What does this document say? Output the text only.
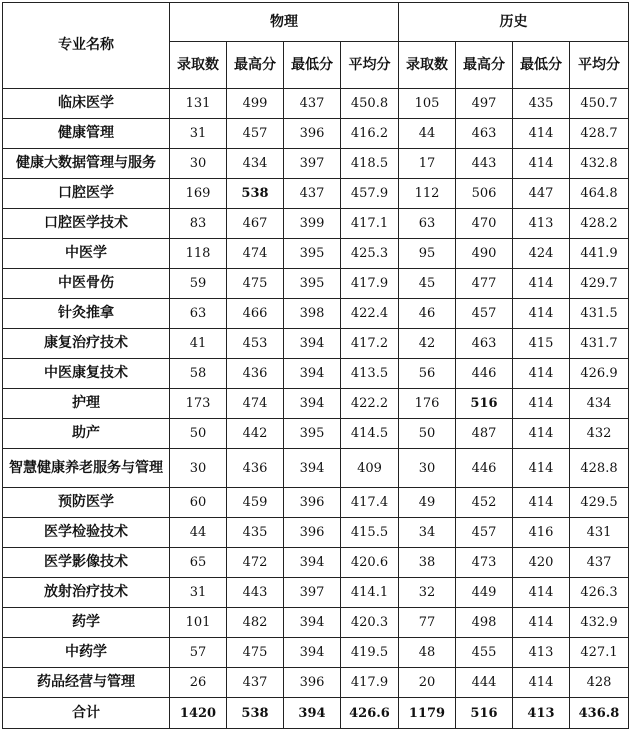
专业名称	物理				历史			
	录取数	最高分	最低分	平均分	录取数	最高分	最低分	平均分
临床医学	131	499	437	450.8	105	497	435	450.7
健康管理	31	457	396	416.2	44	463	414	428.7
健康大数据管理与服务	30	434	397	418.5	17	443	414	432.8
口腔医学	169	538	437	457.9	112	506	447	464.8
口腔医学技术	83	467	399	417.1	63	470	413	428.2
中医学	118	474	395	425.3	95	490	424	441.9
中医骨伤	59	475	395	417.9	45	477	414	429.7
针灸推拿	63	466	398	422.4	46	457	414	431.5
康复治疗技术	41	453	394	417.2	42	463	415	431.7
中医康复技术	58	436	394	413.5	56	446	414	426.9
护理	173	474	394	422.2	176	516	414	434
助产	50	442	395	414.5	50	487	414	432
智慧健康养老服务与管理	30	436	394	409	30	446	414	428.8
预防医学	60	459	396	417.4	49	452	414	429.5
医学检验技术	44	435	396	415.5	34	457	416	431
医学影像技术	65	472	394	420.6	38	473	420	437
放射治疗技术	31	443	397	414.1	32	449	414	426.3
药学	101	482	394	420.3	77	498	414	432.9
中药学	57	475	394	419.5	48	455	413	427.1
药品经营与管理	26	437	396	417.9	20	444	414	428
合计	1420	538	394	426.6	1179	516	413	436.8
